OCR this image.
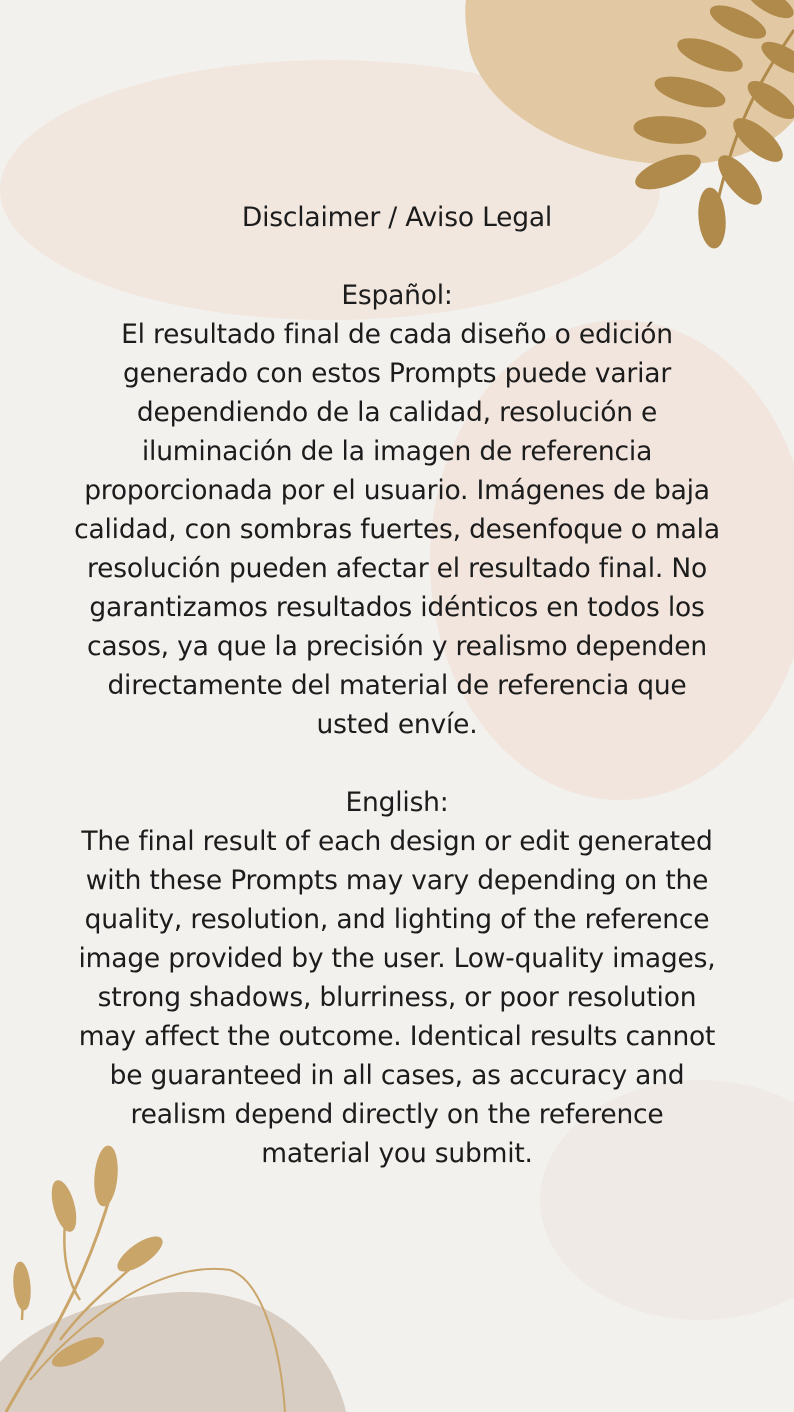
Disclaimer / Aviso Legal

Español:

El resultado final de cada diseño o edición

generado con estos Prompts puede variar

dependiendo de la calidad, resolución e

iluminación de la imagen de referencia

proporcionada por el usuario. Imágenes de baja

calidad, con sombras fuertes, desenfoque o mala

resolución pueden afectar el resultado final. No

garantizamos resultados idénticos en todos los

casos, ya que la precisión y realismo dependen

directamente del material de referencia que

usted envíe.

English:

The final result of each design or edit generated

with these Prompts may vary depending on the

quality, resolution, and lighting of the reference

image provided by the user. Low-quality images,

strong shadows, blurriness, or poor resolution

may affect the outcome. Identical results cannot

be guaranteed in all cases, as accuracy and

realism depend directly on the reference

material you submit.
